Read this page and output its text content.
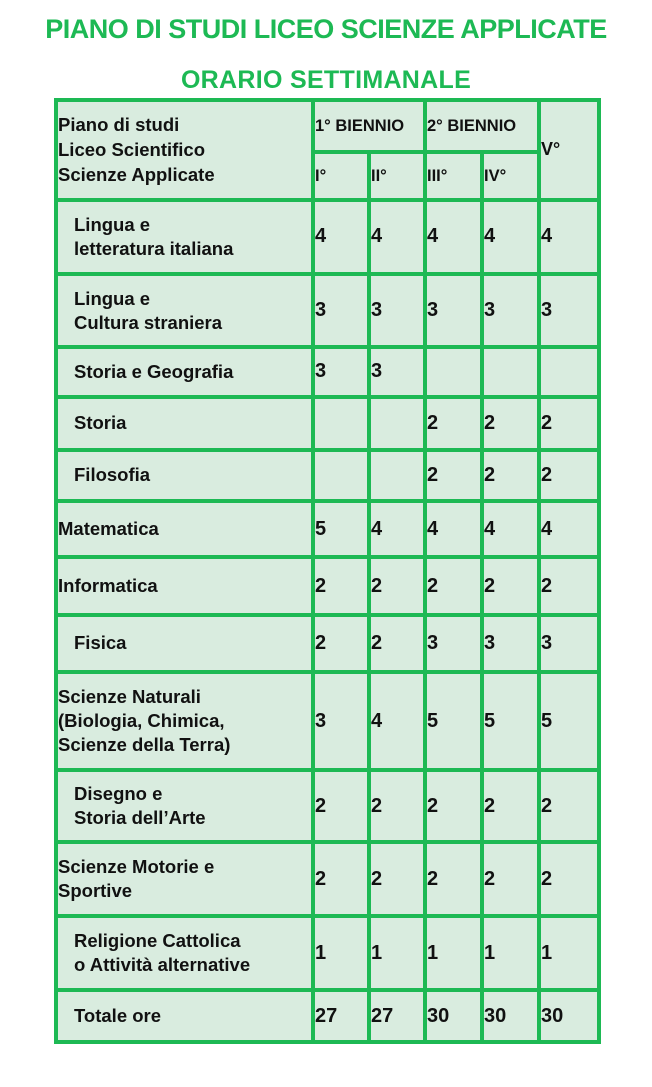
PIANO DI STUDI LICEO SCIENZE APPLICATE
ORARIO SETTIMANALE
Piano di studi
Liceo Scientifico
Scienze Applicate	1° BIENNIO		2° BIENNIO		V°
	I°	II°	III°	IV°	

Lingua e
letteratura italiana	4	4	4	4	4

Lingua e
Cultura straniera	3	3	3	3	3

Storia e Geografia	3	3			

Storia			2	2	2

Filosofia			2	2	2

Matematica	5	4	4	4	4

Informatica	2	2	2	2	2

Fisica	2	2	3	3	3

Scienze Naturali
(Biologia, Chimica,
Scienze della Terra)	3	4	5	5	5

Disegno e
Storia dell’Arte	2	2	2	2	2

Scienze Motorie e
Sportive	2	2	2	2	2

Religione Cattolica
o Attività alternative	1	1	1	1	1

Totale ore	27	27	30	30	30
